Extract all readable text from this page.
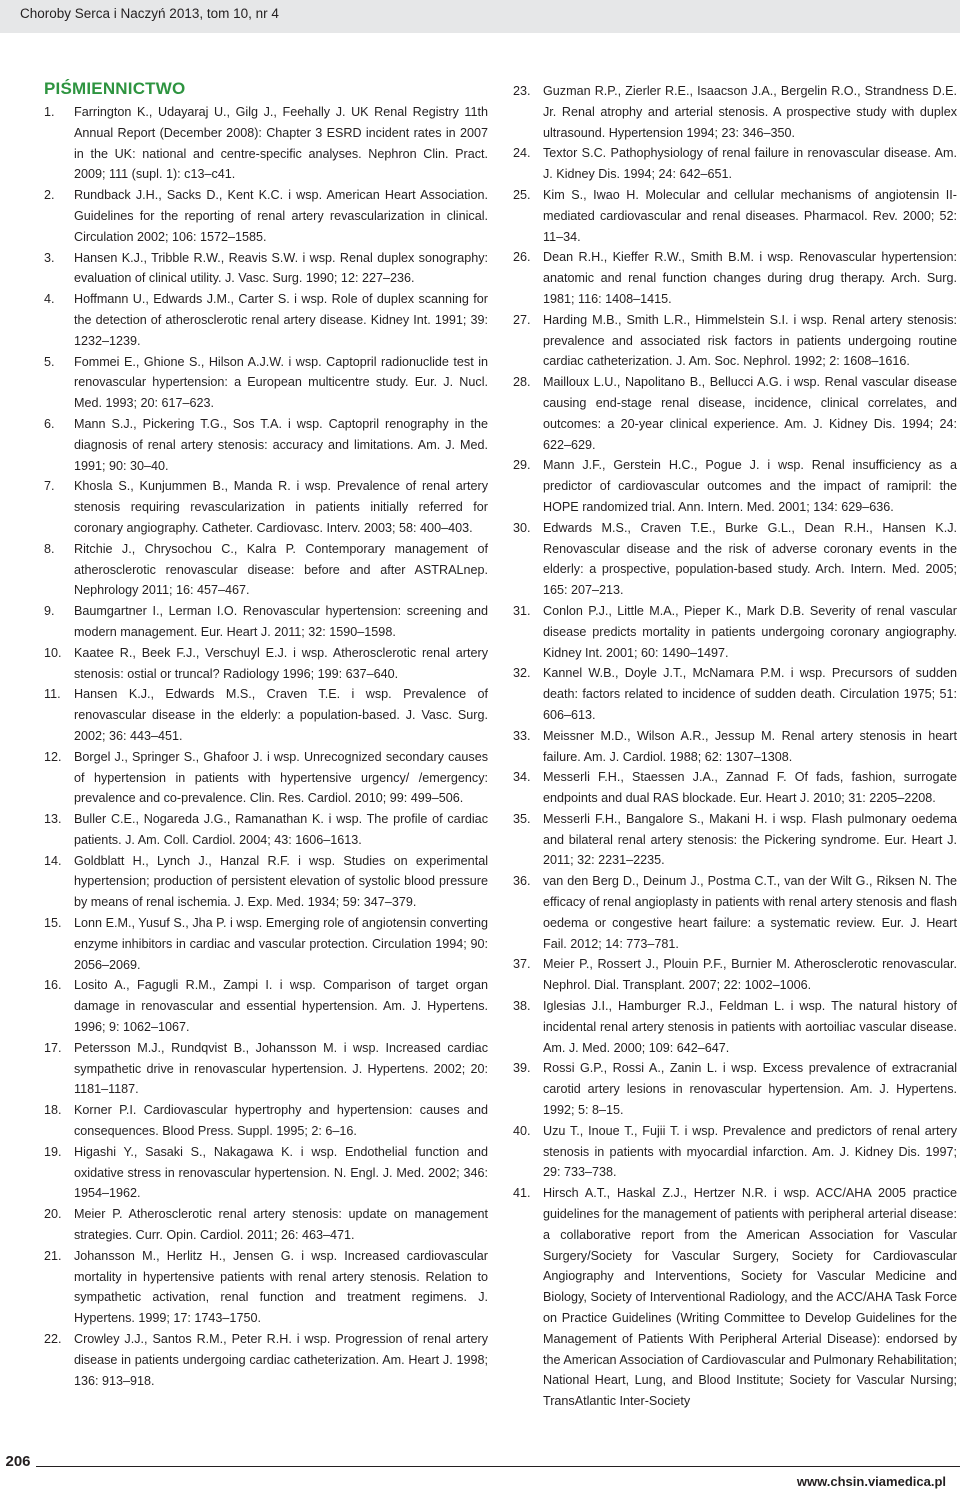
Choroby Serca i Naczyń 2013, tom 10, nr 4
PIŚMIENNICTWO

1. Farrington K., Udayaraj U., Gilg J., Feehally J. UK Renal Registry 11th Annual Report (December 2008): Chapter 3 ESRD incident rates in 2007 in the UK: national and centre-specific analyses. Nephron Clin. Pract. 2009; 111 (supl. 1): c13–c41.

2. Rundback J.H., Sacks D., Kent K.C. i wsp. American Heart Association. Guidelines for the reporting of renal artery revascularization in clinical. Circulation 2002; 106: 1572–1585.

3. Hansen K.J., Tribble R.W., Reavis S.W. i wsp. Renal duplex sonography: evaluation of clinical utility. J. Vasc. Surg. 1990; 12: 227–236.

4. Hoffmann U., Edwards J.M., Carter S. i wsp. Role of duplex scanning for the detection of atherosclerotic renal artery disease. Kidney Int. 1991; 39: 1232–1239.

5. Fommei E., Ghione S., Hilson A.J.W. i wsp. Captopril radionuclide test in renovascular hypertension: a European multicentre study. Eur. J. Nucl. Med. 1993; 20: 617–623.

6. Mann S.J., Pickering T.G., Sos T.A. i wsp. Captopril renography in the diagnosis of renal artery stenosis: accuracy and limitations. Am. J. Med. 1991; 90: 30–40.

7. Khosla S., Kunjummen B., Manda R. i wsp. Prevalence of renal artery stenosis requiring revascularization in patients initially referred for coronary angiography. Catheter. Cardiovasc. Interv. 2003; 58: 400–403.

8. Ritchie J., Chrysochou C., Kalra P. Contemporary management of atherosclerotic renovascular disease: before and after ASTRALnep. Nephrology 2011; 16: 457–467.

9. Baumgartner I., Lerman I.O. Renovascular hypertension: screening and modern management. Eur. Heart J. 2011; 32: 1590–1598.

10. Kaatee R., Beek F.J., Verschuyl E.J. i wsp. Atherosclerotic renal artery stenosis: ostial or truncal? Radiology 1996; 199: 637–640.

11. Hansen K.J., Edwards M.S., Craven T.E. i wsp. Prevalence of renovascular disease in the elderly: a population-based. J. Vasc. Surg. 2002; 36: 443–451.

12. Borgel J., Springer S., Ghafoor J. i wsp. Unrecognized secondary causes of hypertension in patients with hypertensive urgency/ /emergency: prevalence and co-prevalence. Clin. Res. Cardiol. 2010; 99: 499–506.

13. Buller C.E., Nogareda J.G., Ramanathan K. i wsp. The profile of cardiac patients. J. Am. Coll. Cardiol. 2004; 43: 1606–1613.

14. Goldblatt H., Lynch J., Hanzal R.F. i wsp. Studies on experimental hypertension; production of persistent elevation of systolic blood pressure by means of renal ischemia. J. Exp. Med. 1934; 59: 347–379.

15. Lonn E.M., Yusuf S., Jha P. i wsp. Emerging role of angiotensin converting enzyme inhibitors in cardiac and vascular protection. Circulation 1994; 90: 2056–2069.

16. Losito A., Fagugli R.M., Zampi I. i wsp. Comparison of target organ damage in renovascular and essential hypertension. Am. J. Hypertens. 1996; 9: 1062–1067.

17. Petersson M.J., Rundqvist B., Johansson M. i wsp. Increased cardiac sympathetic drive in renovascular hypertension. J. Hypertens. 2002; 20: 1181–1187.

18. Korner P.I. Cardiovascular hypertrophy and hypertension: causes and consequences. Blood Press. Suppl. 1995; 2: 6–16.

19. Higashi Y., Sasaki S., Nakagawa K. i wsp. Endothelial function and oxidative stress in renovascular hypertension. N. Engl. J. Med. 2002; 346: 1954–1962.

20. Meier P. Atherosclerotic renal artery stenosis: update on management strategies. Curr. Opin. Cardiol. 2011; 26: 463–471.

21. Johansson M., Herlitz H., Jensen G. i wsp. Increased cardiovascular mortality in hypertensive patients with renal artery stenosis. Relation to sympathetic activation, renal function and treatment regimens. J. Hypertens. 1999; 17: 1743–1750.

22. Crowley J.J., Santos R.M., Peter R.H. i wsp. Progression of renal artery disease in patients undergoing cardiac catheterization. Am. Heart J. 1998; 136: 913–918.

23. Guzman R.P., Zierler R.E., Isaacson J.A., Bergelin R.O., Strandness D.E. Jr. Renal atrophy and arterial stenosis. A prospective study with duplex ultrasound. Hypertension 1994; 23: 346–350.

24. Textor S.C. Pathophysiology of renal failure in renovascular disease. Am. J. Kidney Dis. 1994; 24: 642–651.

25. Kim S., Iwao H. Molecular and cellular mechanisms of angiotensin II-mediated cardiovascular and renal diseases. Pharmacol. Rev. 2000; 52: 11–34.

26. Dean R.H., Kieffer R.W., Smith B.M. i wsp. Renovascular hypertension: anatomic and renal function changes during drug therapy. Arch. Surg. 1981; 116: 1408–1415.

27. Harding M.B., Smith L.R., Himmelstein S.I. i wsp. Renal artery stenosis: prevalence and associated risk factors in patients undergoing routine cardiac catheterization. J. Am. Soc. Nephrol. 1992; 2: 1608–1616.

28. Mailloux L.U., Napolitano B., Bellucci A.G. i wsp. Renal vascular disease causing end-stage renal disease, incidence, clinical correlates, and outcomes: a 20-year clinical experience. Am. J. Kidney Dis. 1994; 24: 622–629.

29. Mann J.F., Gerstein H.C., Pogue J. i wsp. Renal insufficiency as a predictor of cardiovascular outcomes and the impact of ramipril: the HOPE randomized trial. Ann. Intern. Med. 2001; 134: 629–636.

30. Edwards M.S., Craven T.E., Burke G.L., Dean R.H., Hansen K.J. Renovascular disease and the risk of adverse coronary events in the elderly: a prospective, population-based study. Arch. Intern. Med. 2005; 165: 207–213.

31. Conlon P.J., Little M.A., Pieper K., Mark D.B. Severity of renal vascular disease predicts mortality in patients undergoing coronary angiography. Kidney Int. 2001; 60: 1490–1497.

32. Kannel W.B., Doyle J.T., McNamara P.M. i wsp. Precursors of sudden death: factors related to incidence of sudden death. Circulation 1975; 51: 606–613.

33. Meissner M.D., Wilson A.R., Jessup M. Renal artery stenosis in heart failure. Am. J. Cardiol. 1988; 62: 1307–1308.

34. Messerli F.H., Staessen J.A., Zannad F. Of fads, fashion, surrogate endpoints and dual RAS blockade. Eur. Heart J. 2010; 31: 2205–2208.

35. Messerli F.H., Bangalore S., Makani H. i wsp. Flash pulmonary oedema and bilateral renal artery stenosis: the Pickering syndrome. Eur. Heart J. 2011; 32: 2231–2235.

36. van den Berg D., Deinum J., Postma C.T., van der Wilt G., Riksen N. The efficacy of renal angioplasty in patients with renal artery stenosis and flash oedema or congestive heart failure: a systematic review. Eur. J. Heart Fail. 2012; 14: 773–781.

37. Meier P., Rossert J., Plouin P.F., Burnier M. Atherosclerotic renovascular. Nephrol. Dial. Transplant. 2007; 22: 1002–1006.

38. Iglesias J.I., Hamburger R.J., Feldman L. i wsp. The natural history of incidental renal artery stenosis in patients with aortoiliac vascular disease. Am. J. Med. 2000; 109: 642–647.

39. Rossi G.P., Rossi A., Zanin L. i wsp. Excess prevalence of extracranial carotid artery lesions in renovascular hypertension. Am. J. Hypertens. 1992; 5: 8–15.

40. Uzu T., Inoue T., Fujii T. i wsp. Prevalence and predictors of renal artery stenosis in patients with myocardial infarction. Am. J. Kidney Dis. 1997; 29: 733–738.

41. Hirsch A.T., Haskal Z.J., Hertzer N.R. i wsp. ACC/AHA 2005 practice guidelines for the management of patients with peripheral arterial disease: a collaborative report from the American Association for Vascular Surgery/Society for Vascular Surgery, Society for Cardiovascular Angiography and Interventions, Society for Vascular Medicine and Biology, Society of Interventional Radiology, and the ACC/AHA Task Force on Practice Guidelines (Writing Committee to Develop Guidelines for the Management of Patients With Peripheral Arterial Disease): endorsed by the American Association of Cardiovascular and Pulmonary Rehabilitation; National Heart, Lung, and Blood Institute; Society for Vascular Nursing; TransAtlantic Inter-Society

206
www.chsin.viamedica.pl
